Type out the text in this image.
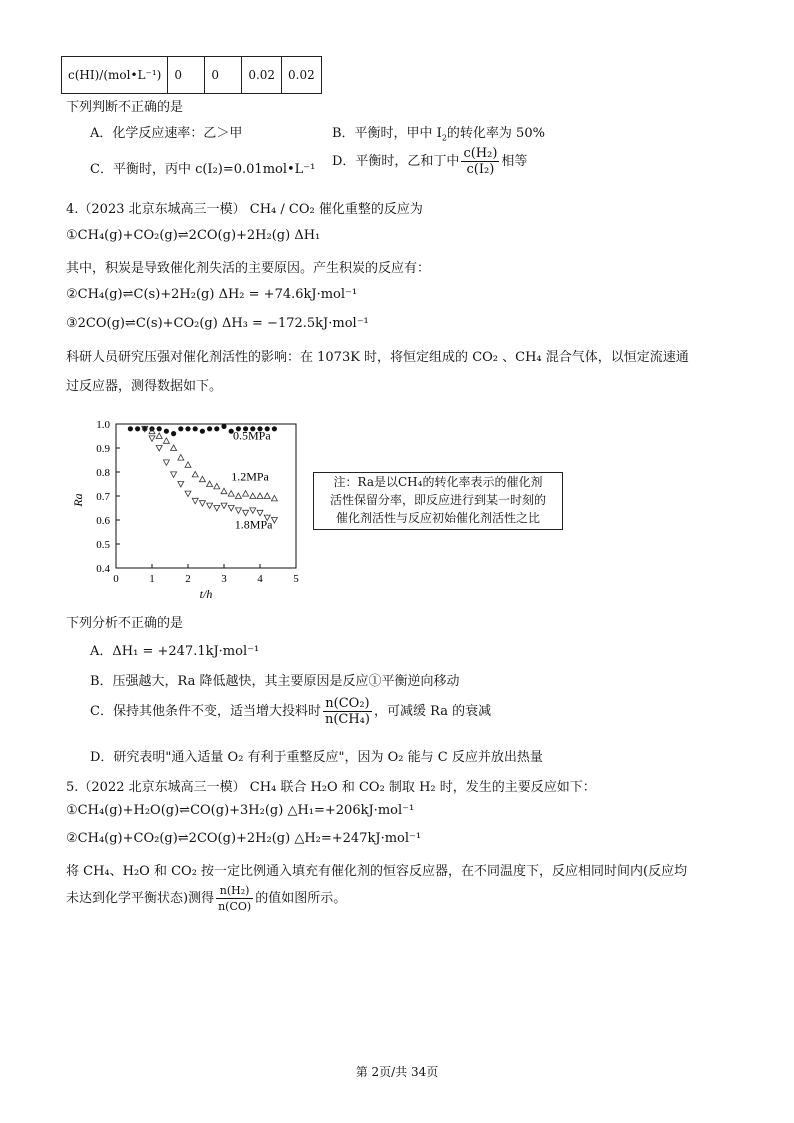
c(HI)/(mol•L⁻¹)	0	0	0.02	0.02
下列判断不正确的是
A．化学反应速率：乙＞甲	B．平衡时，甲中 $I_2$的转化率为 50%
C．平衡时，丙中 c(I₂)=0.01mol•L⁻¹
D．平衡时，乙和丁中 $\frac{\text{c(H₂)}}{\text{c(I₂)}}$ 相等
4.（2023 北京东城高三一模） CH₄ / CO₂ 催化重整的反应为
①CH₄(g)+CO₂(g)⇌2CO(g)+2H₂(g) ΔH₁
其中，积炭是导致催化剂失活的主要原因。产生积炭的反应有：
②CH₄(g)⇌C(s)+2H₂(g) ΔH₂ = +74.6kJ·mol⁻¹
③2CO(g)⇌C(s)+CO₂(g) ΔH₃ = −172.5kJ·mol⁻¹
科研人员研究压强对催化剂活性的影响：在 1073K 时，将恒定组成的 CO₂ 、CH₄ 混合气体，以恒定流速通
过反应器，测得数据如下。
0	1	2	3	4	5
0.4
0.5
0.6
0.7
0.8
0.9
1.0
t/h
Ra
0.5MPa
1.2MPa
1.8MPa
注：Ra是以CH₄的转化率表示的催化剂
活性保留分率，即反应进行到某一时刻的
催化剂活性与反应初始催化剂活性之比
下列分析不正确的是
A．ΔH₁ = +247.1kJ·mol⁻¹
B．压强越大，Ra 降低越快，其主要原因是反应①平衡逆向移动
C．保持其他条件不变，适当增大投料时 $\frac{\text{n(CO₂)}}{\text{n(CH₄)}}$ ，可减缓 Ra 的衰减
D．研究表明"通入适量 O₂ 有利于重整反应"，因为 O₂ 能与 C 反应并放出热量
5.（2022 北京东城高三一模） CH₄ 联合 H₂O 和 CO₂ 制取 H₂ 时，发生的主要反应如下：
①CH₄(g)+H₂O(g)⇌CO(g)+3H₂(g) △H₁=+206kJ·mol⁻¹
②CH₄(g)+CO₂(g)⇌2CO(g)+2H₂(g) △H₂=+247kJ·mol⁻¹
将 CH₄、H₂O 和 CO₂ 按一定比例通入填充有催化剂的恒容反应器，在不同温度下，反应相同时间内(反应均
未达到化学平衡状态)测得 $\frac{\text{n(H₂)}}{n(CO)}$ 的值如图所示。
第 2页/共 34页
